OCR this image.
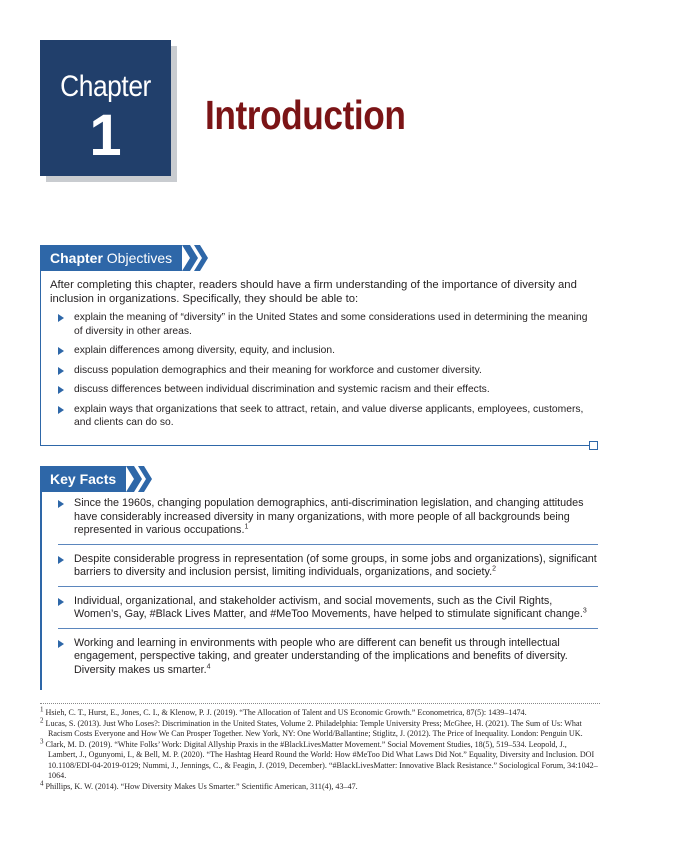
Chapter
1	Introduction
Chapter Objectives
After completing this chapter, readers should have a firm understanding of the importance of diversity and inclusion in organizations. Specifically, they should be able to:
explain the meaning of “diversity” in the United States and some considerations used in determining the meaning of diversity in other areas.
explain differences among diversity, equity, and inclusion.
discuss population demographics and their meaning for workforce and customer diversity.
discuss differences between individual discrimination and systemic racism and their effects.
explain ways that organizations that seek to attract, retain, and value diverse applicants, employees, customers, and clients can do so.
Key Facts
Since the 1960s, changing population demographics, anti-discrimination legislation, and changing attitudes have considerably increased diversity in many organizations, with more people of all backgrounds being represented in various occupations.$^1$
Despite considerable progress in representation (of some groups, in some jobs and organizations), significant barriers to diversity and inclusion persist, limiting individuals, organizations, and society.$^2$
Individual, organizational, and stakeholder activism, and social movements, such as the Civil Rights, Women’s, Gay, #Black Lives Matter, and #MeToo Movements, have helped to stimulate significant change.$^3$
Working and learning in environments with people who are different can benefit us through intellectual engagement, perspective taking, and greater understanding of the implications and benefits of diversity. Diversity makes us smarter.$^4$

$^1$ Hsieh, C. T., Hurst, E., Jones, C. I., & Klenow, P. J. (2019). “The Allocation of Talent and US Economic Growth.” Econometrica, 87(5): 1439–1474.

$^2$ Lucas, S. (2013). Just Who Loses?: Discrimination in the United States, Volume 2. Philadelphia: Temple University Press; McGhee, H. (2021). The Sum of Us: What Racism Costs Everyone and How We Can Prosper Together. New York, NY: One World/Ballantine; Stiglitz, J. (2012). The Price of Inequality. London: Penguin UK.

$^3$ Clark, M. D. (2019). “White Folks’ Work: Digital Allyship Praxis in the #BlackLivesMatter Movement.” Social Movement Studies, 18(5), 519–534. Leopold, J., Lambert, J., Ogunyomi, I., & Bell, M. P. (2020). “The Hashtag Heard Round the World: How #MeToo Did What Laws Did Not.” Equality, Diversity and Inclusion. DOI 10.1108/EDI-04-2019-0129; Nummi, J., Jennings, C., & Feagin, J. (2019, December). “#BlackLivesMatter: Innovative Black Resistance.” Sociological Forum, 34:1042–1064.

$^4$ Phillips, K. W. (2014). “How Diversity Makes Us Smarter.” Scientific American, 311(4), 43–47.
